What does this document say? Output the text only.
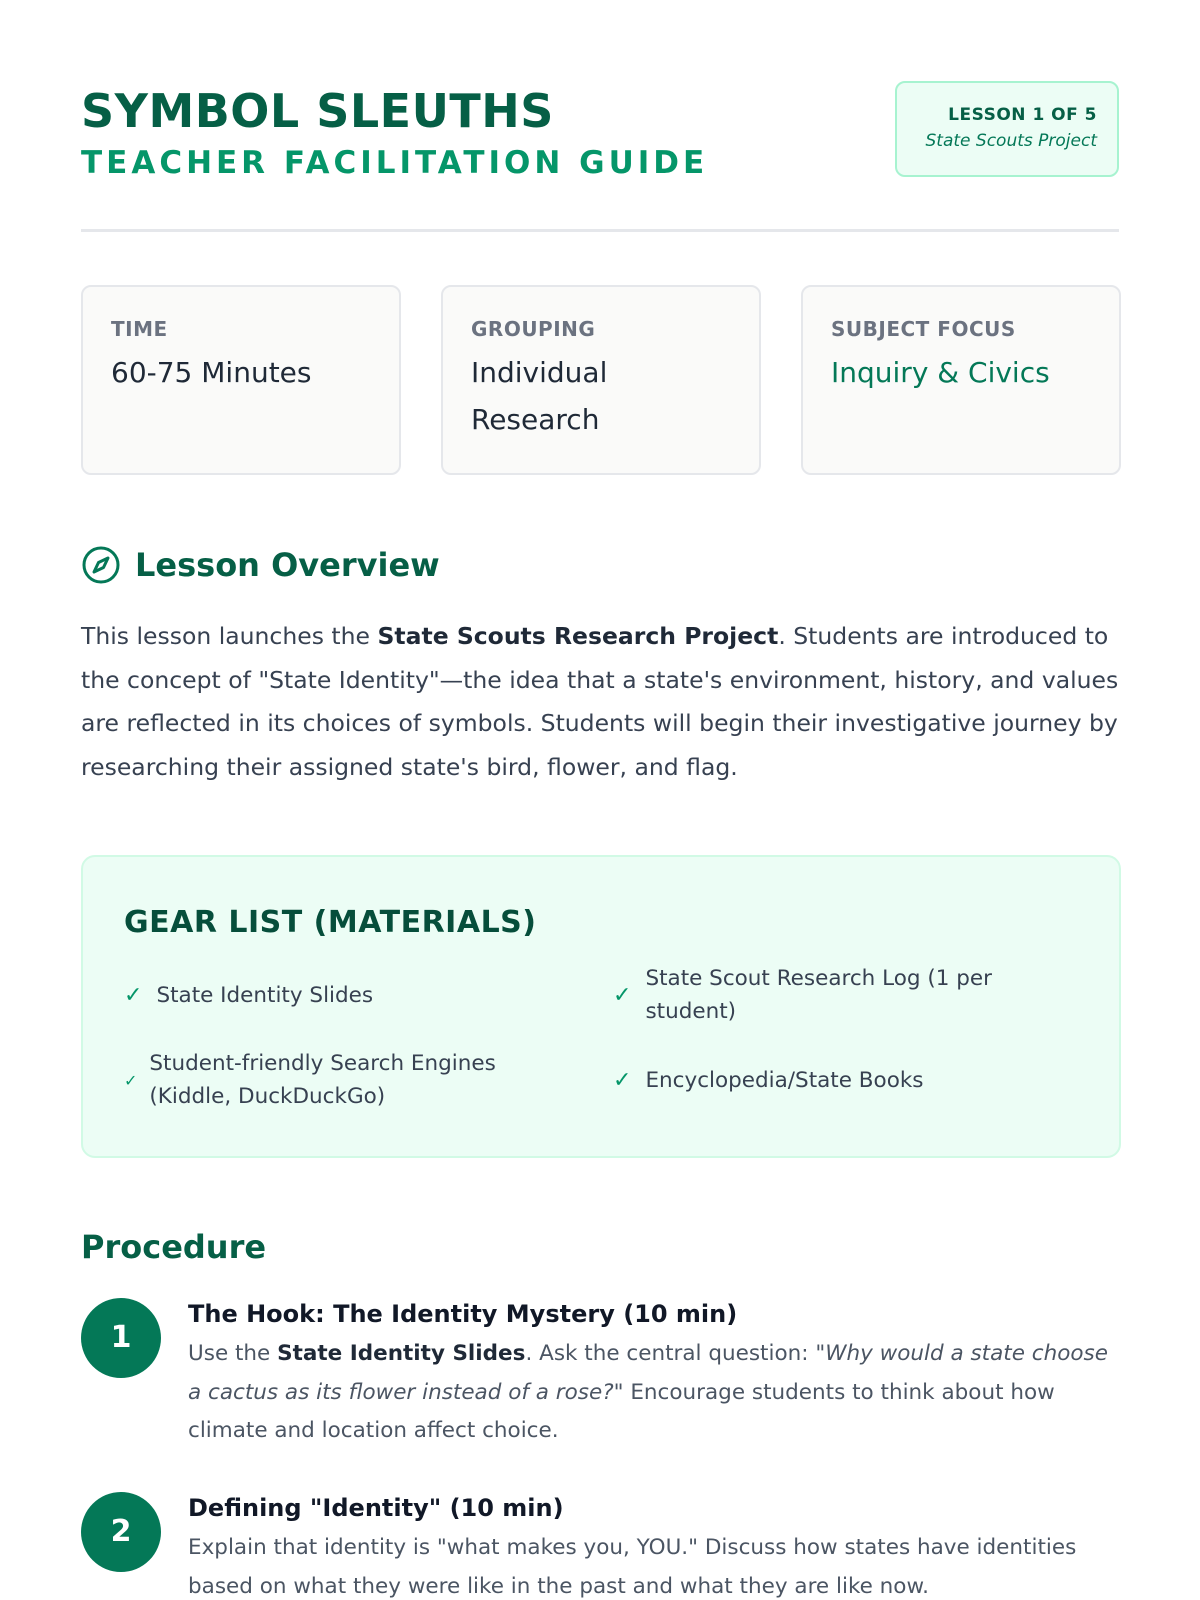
SYMBOL SLEUTHS
TEACHER FACILITATION GUIDE
LESSON 1 OF 5
State Scouts Project
TIME
60-75 Minutes
GROUPING
Individual Research
SUBJECT FOCUS
Inquiry & Civics
Lesson Overview

This lesson launches the State Scouts Research Project. Students are introduced to the concept of "State Identity"—the idea that a state's environment, history, and values are reflected in its choices of symbols. Students will begin their investigative journey by researching their assigned state's bird, flower, and flag.

GEAR LIST (MATERIALS)
✓ State Identity Slides	✓
State Scout Research Log (1 per student)
✓
Student-friendly Search Engines (Kiddle, DuckDuckGo)
✓ Encyclopedia/State Books
Procedure
1
The Hook: The Identity Mystery (10 min)

Use the State Identity Slides. Ask the central question: "Why would a state choose a cactus as its flower instead of a rose?" Encourage students to think about how climate and location affect choice.

2
Defining "Identity" (10 min)

Explain that identity is "what makes you, YOU." Discuss how states have identities based on what they were like in the past and what they are like now.
